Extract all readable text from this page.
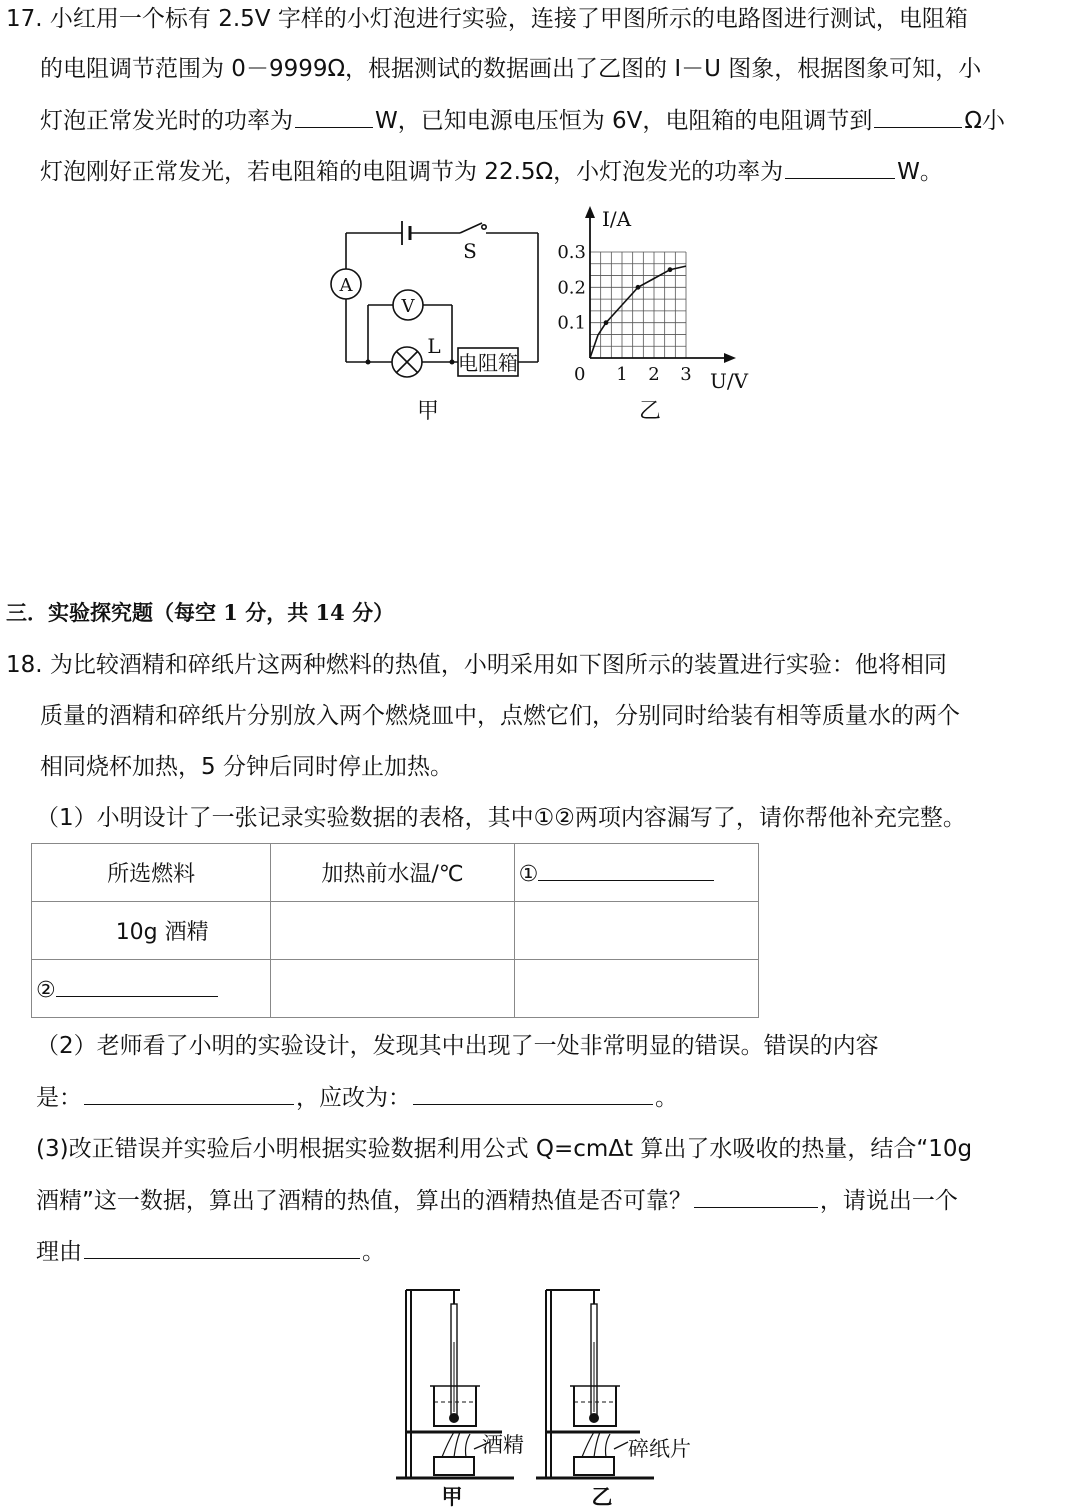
17. 小红用一个标有 2.5V 字样的小灯泡进行实验，连接了甲图所示的电路图进行测试，电阻箱
的电阻调节范围为 0－9999Ω，根据测试的数据画出了乙图的 I－U 图象，根据图象可知，小
灯泡正常发光时的功率为	W，已知电源电压恒为 6V，电阻箱的电阻调节到	Ω小
灯泡刚好正常发光，若电阻箱的电阻调节为 22.5Ω，小灯泡发光的功率为	W。
A
V
L
S
电阻箱
甲
1 2 3
0.1
0.2
0.3
I/A
U/V
0
乙
三．实验探究题（每空 1 分，共 14 分）
18. 为比较酒精和碎纸片这两种燃料的热值，小明采用如下图所示的装置进行实验：他将相同
质量的酒精和碎纸片分别放入两个燃烧皿中，点燃它们，分别同时给装有相等质量水的两个
相同烧杯加热，5 分钟后同时停止加热。
（1）小明设计了一张记录实验数据的表格，其中①②两项内容漏写了，请你帮他补充完整。
所选燃料	加热前水温/℃	①
10g 酒精		
②		
（2）老师看了小明的实验设计，发现其中出现了一处非常明显的错误。错误的内容
是：	，应改为：	。
(3)改正错误并实验后小明根据实验数据利用公式 Q=cmΔt 算出了水吸收的热量，结合“10g
酒精”这一数据，算出了酒精的热值，算出的酒精热值是否可靠？	，请说出一个
理由	。
酒精	碎纸片
甲	乙
